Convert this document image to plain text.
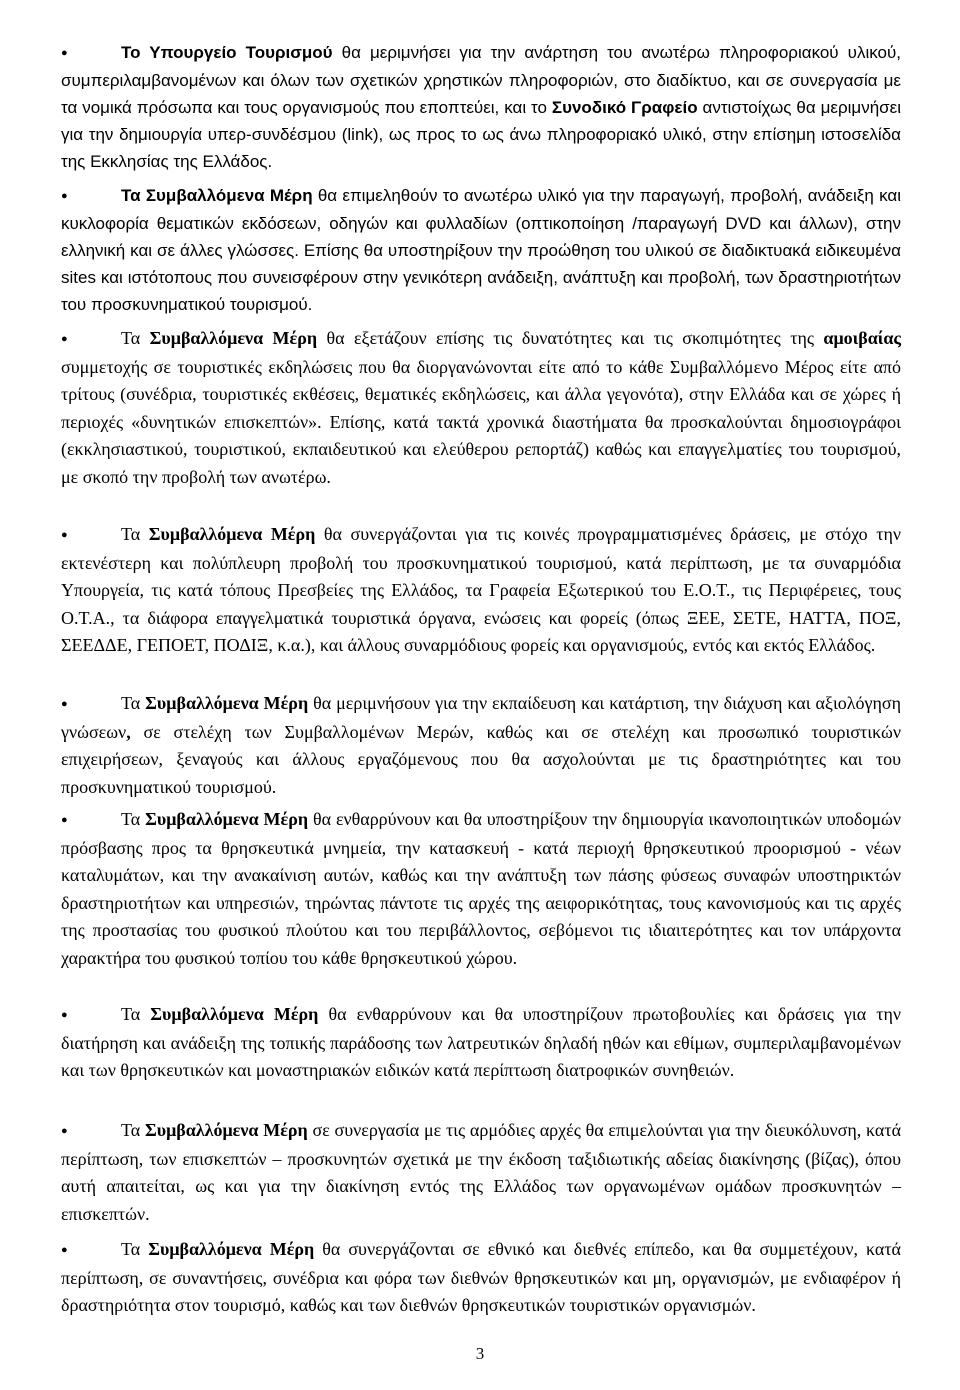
●	Το Υπουργείο Τουρισμού θα μεριμνήσει για την ανάρτηση του ανωτέρω πληροφοριακού υλικού, συμπεριλαμβανομένων και όλων των σχετικών χρηστικών πληροφοριών, στο διαδίκτυο, και σε συνεργασία με τα νομικά πρόσωπα και τους οργανισμούς που εποπτεύει, και το Συνοδικό Γραφείο αντιστοίχως θα μεριμνήσει για την δημιουργία υπερ-συνδέσμου (link), ως προς το ως άνω πληροφοριακό υλικό, στην επίσημη ιστοσελίδα της Εκκλησίας της Ελλάδος.

●	Τα Συμβαλλόμενα Μέρη θα επιμεληθούν το ανωτέρω υλικό για την παραγωγή, προβολή, ανάδειξη και κυκλοφορία θεματικών εκδόσεων, οδηγών και φυλλαδίων (οπτικοποίηση /παραγωγή DVD και άλλων), στην ελληνική και σε άλλες γλώσσες. Επίσης θα υποστηρίξουν την προώθηση του υλικού σε διαδικτυακά ειδικευμένα sites και ιστότοπους που συνεισφέρουν στην γενικότερη ανάδειξη, ανάπτυξη και προβολή, των δραστηριοτήτων του προσκυνηματικού τουρισμού.

●	Τα Συμβαλλόμενα Μέρη θα εξετάζουν επίσης τις δυνατότητες και τις σκοπιμότητες της αμοιβαίας συμμετοχής σε τουριστικές εκδηλώσεις που θα διοργανώνονται είτε από το κάθε Συμβαλλόμενο Μέρος είτε από τρίτους (συνέδρια, τουριστικές εκθέσεις, θεματικές εκδηλώσεις, και άλλα γεγονότα), στην Ελλάδα και σε χώρες ή περιοχές «δυνητικών επισκεπτών». Επίσης, κατά τακτά χρονικά διαστήματα θα προσκαλούνται δημοσιογράφοι (εκκλησιαστικού, τουριστικού, εκπαιδευτικού και ελεύθερου ρεπορτάζ) καθώς και επαγγελματίες του τουρισμού, με σκοπό την προβολή των ανωτέρω.

●	Τα Συμβαλλόμενα Μέρη θα συνεργάζονται για τις κοινές προγραμματισμένες δράσεις, με στόχο την εκτενέστερη και πολύπλευρη προβολή του προσκυνηματικού τουρισμού, κατά περίπτωση, με τα συναρμόδια Υπουργεία, τις κατά τόπους Πρεσβείες της Ελλάδος, τα Γραφεία Εξωτερικού του Ε.Ο.Τ., τις Περιφέρειες, τους Ο.Τ.Α., τα διάφορα επαγγελματικά τουριστικά όργανα, ενώσεις και φορείς (όπως ΞΕΕ, ΣΕΤΕ, ΗΑΤΤΑ, ΠΟΞ, ΣΕΕΔΔΕ, ΓΕΠΟΕΤ, ΠΟΔΙΞ, κ.α.), και άλλους συναρμόδιους φορείς και οργανισμούς, εντός και εκτός Ελλάδος.

●	Τα Συμβαλλόμενα Μέρη θα μεριμνήσουν για την εκπαίδευση και κατάρτιση, την διάχυση και αξιολόγηση γνώσεων, σε στελέχη των Συμβαλλομένων Μερών, καθώς και σε στελέχη και προσωπικό τουριστικών επιχειρήσεων, ξεναγούς και άλλους εργαζόμενους που θα ασχολούνται με τις δραστηριότητες και του προσκυνηματικού τουρισμού.

●	Τα Συμβαλλόμενα Μέρη θα ενθαρρύνουν και θα υποστηρίξουν την δημιουργία ικανοποιητικών υποδομών πρόσβασης προς τα θρησκευτικά μνημεία, την κατασκευή - κατά περιοχή θρησκευτικού προορισμού - νέων καταλυμάτων, και την ανακαίνιση αυτών, καθώς και την ανάπτυξη των πάσης φύσεως συναφών υποστηρικτών δραστηριοτήτων και υπηρεσιών, τηρώντας πάντοτε τις αρχές της αειφορικότητας, τους κανονισμούς και τις αρχές της προστασίας του φυσικού πλούτου και του περιβάλλοντος, σεβόμενοι τις ιδιαιτερότητες και τον υπάρχοντα χαρακτήρα του φυσικού τοπίου του κάθε θρησκευτικού χώρου.

●	Τα Συμβαλλόμενα Μέρη θα ενθαρρύνουν και θα υποστηρίζουν πρωτοβουλίες και δράσεις για την διατήρηση και ανάδειξη της τοπικής παράδοσης των λατρευτικών δηλαδή ηθών και εθίμων, συμπεριλαμβανομένων και των θρησκευτικών και μοναστηριακών ειδικών κατά περίπτωση διατροφικών συνηθειών.

●	Τα Συμβαλλόμενα Μέρη σε συνεργασία με τις αρμόδιες αρχές θα επιμελούνται για την διευκόλυνση, κατά περίπτωση, των επισκεπτών – προσκυνητών σχετικά με την έκδοση ταξιδιωτικής αδείας διακίνησης (βίζας), όπου αυτή απαιτείται, ως και για την διακίνηση εντός της Ελλάδος των οργανωμένων ομάδων προσκυνητών – επισκεπτών.

●	Τα Συμβαλλόμενα Μέρη θα συνεργάζονται σε εθνικό και διεθνές επίπεδο, και θα συμμετέχουν, κατά περίπτωση, σε συναντήσεις, συνέδρια και φόρα των διεθνών θρησκευτικών και μη, οργανισμών, με ενδιαφέρον ή δραστηριότητα στον τουρισμό, καθώς και των διεθνών θρησκευτικών τουριστικών οργανισμών.

3
